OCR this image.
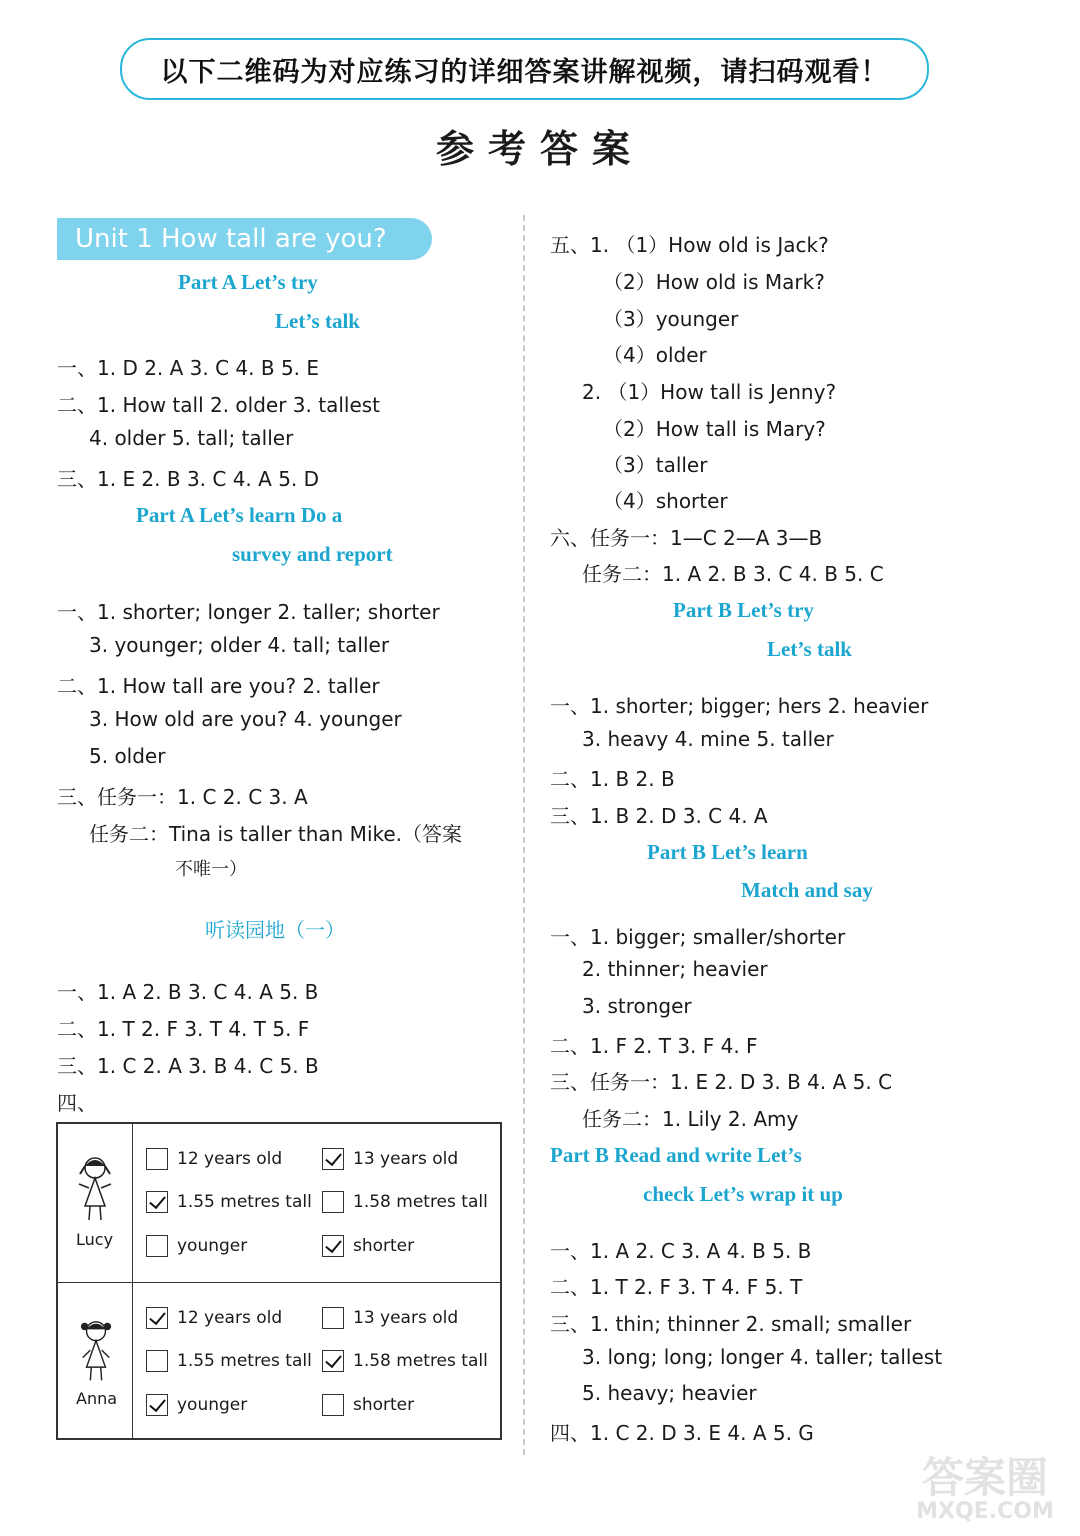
以下二维码为对应练习的详细答案讲解视频，请扫码观看！
参考答案
Unit 1 How tall are you?
Part A Let’s try
Let’s talk
一、1. D 2. A 3. C 4. B 5. E
二、1. How tall 2. older 3. tallest
4. older 5. tall; taller
三、1. E 2. B 3. C 4. A 5. D
Part A Let’s learn Do a
survey and report
一、1. shorter; longer 2. taller; shorter
3. younger; older 4. tall; taller
二、1. How tall are you? 2. taller
3. How old are you? 4. younger
5. older
三、任务一：1. C 2. C 3. A
任务二：Tina is taller than Mike.（答案
不唯一）
听读园地（一）
一、1. A 2. B 3. C 4. A 5. B
二、1. T 2. F 3. T 4. T 5. F
三、1. C 2. A 3. B 4. C 5. B
四、
Lucy
12 years old	13 years old
1.55 metres tall 1.58 metres tall
younger	shorter
Anna
12 years old	13 years old
1.55 metres tall 1.58 metres tall
younger	shorter
五、1. （1）How old is Jack?
（2）How old is Mark?
（3）younger
（4）older
2. （1）How tall is Jenny?
（2）How tall is Mary?
（3）taller
（4）shorter
六、任务一：1—C 2—A 3—B
任务二：1. A 2. B 3. C 4. B 5. C
Part B Let’s try
Let’s talk
一、1. shorter; bigger; hers 2. heavier
3. heavy 4. mine 5. taller
二、1. B 2. B
三、1. B 2. D 3. C 4. A
Part B Let’s learn
Match and say
一、1. bigger; smaller/shorter
2. thinner; heavier
3. stronger
二、1. F 2. T 3. F 4. F
三、任务一：1. E 2. D 3. B 4. A 5. C
任务二：1. Lily 2. Amy
Part B Read and write Let’s
check Let’s wrap it up
一、1. A 2. C 3. A 4. B 5. B
二、1. T 2. F 3. T 4. F 5. T
三、1. thin; thinner 2. small; smaller
3. long; long; longer 4. taller; tallest
5. heavy; heavier
四、1. C 2. D 3. E 4. A 5. G
答案圈
MXQE.COM
